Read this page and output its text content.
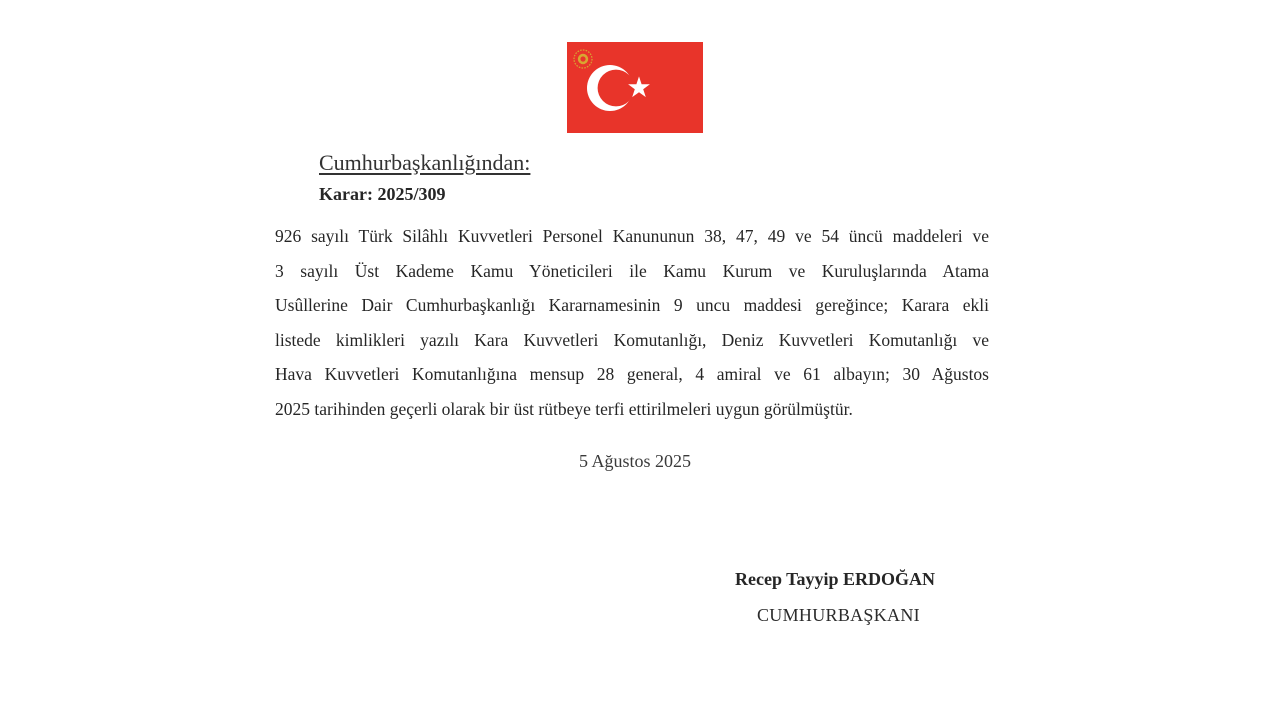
Cumhurbaşkanlığından:
Karar: 2025/309
926 sayılı Türk Silâhlı Kuvvetleri Personel Kanununun 38, 47, 49 ve 54 üncü maddeleri ve
3 sayılı Üst Kademe Kamu Yöneticileri ile Kamu Kurum ve Kuruluşlarında Atama
Usûllerine Dair Cumhurbaşkanlığı Kararnamesinin 9 uncu maddesi gereğince; Karara ekli
listede kimlikleri yazılı Kara Kuvvetleri Komutanlığı, Deniz Kuvvetleri Komutanlığı ve
Hava Kuvvetleri Komutanlığına mensup 28 general, 4 amiral ve 61 albayın; 30 Ağustos
2025 tarihinden geçerli olarak bir üst rütbeye terfi ettirilmeleri uygun görülmüştür.
5 Ağustos 2025
Recep Tayyip ERDOĞAN
CUMHURBAŞKANI
